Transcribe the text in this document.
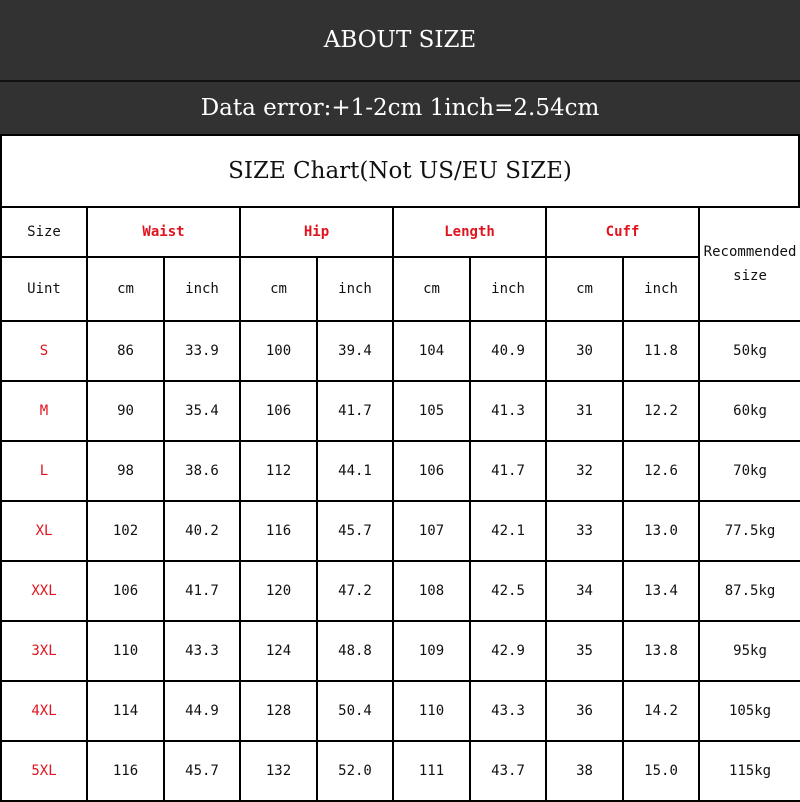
ABOUT SIZE
Data error:+1-2cm 1inch=2.54cm
SIZE Chart(Not US/EU SIZE)
Size	Waist		Hip		Length		Cuff		Recommended size
Uint	cm	inch	cm	inch	cm	inch	cm	inch	
S	86	33.9	100	39.4	104	40.9	30	11.8	50kg
M	90	35.4	106	41.7	105	41.3	31	12.2	60kg
L	98	38.6	112	44.1	106	41.7	32	12.6	70kg
XL	102	40.2	116	45.7	107	42.1	33	13.0	77.5kg
XXL	106	41.7	120	47.2	108	42.5	34	13.4	87.5kg
3XL	110	43.3	124	48.8	109	42.9	35	13.8	95kg
4XL	114	44.9	128	50.4	110	43.3	36	14.2	105kg
5XL	116	45.7	132	52.0	111	43.7	38	15.0	115kg
